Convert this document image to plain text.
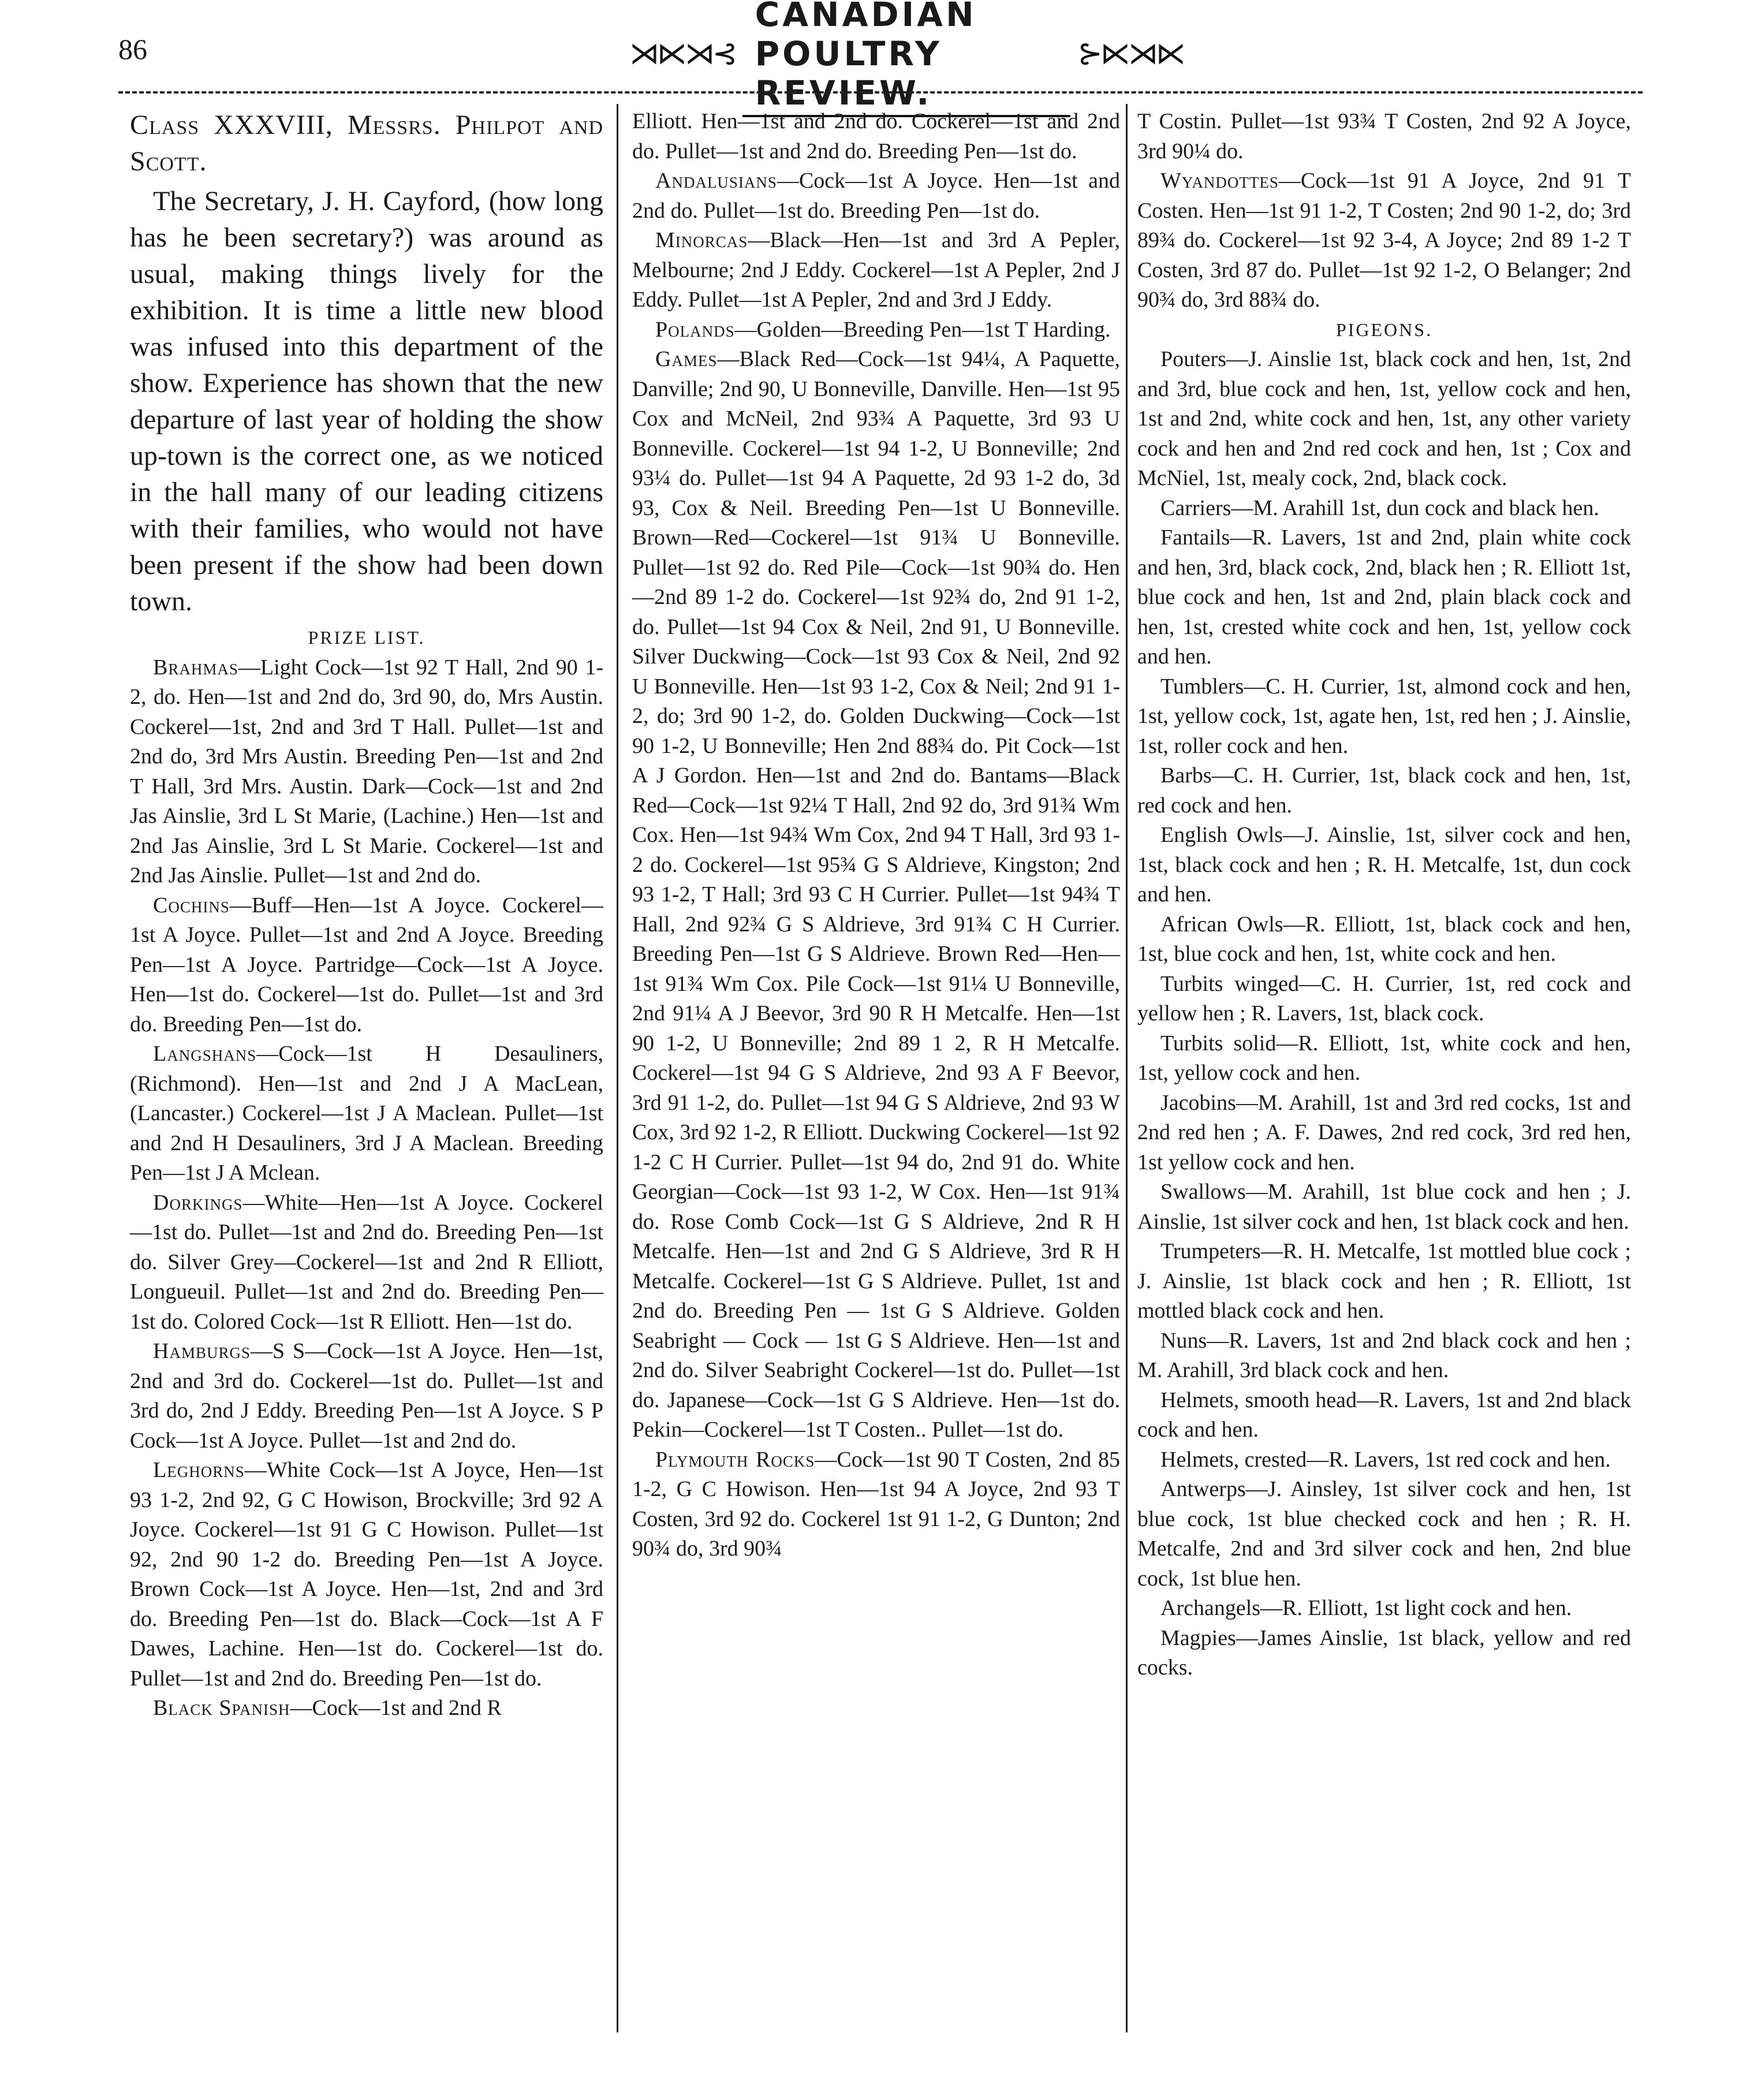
86	⋊⋉⋊⊰
CANADIAN POULTRY REVIEW.
⊱⋉⋊⋉

Class XXXVIII, Messrs. Philpot and Scott.

The Secretary, J. H. Cayford, (how long has he been secretary?) was around as usual, making things lively for the exhibition. It is time a little new blood was infused into this department of the show. Experience has shown that the new departure of last year of holding the show up-town is the correct one, as we noticed in the hall many of our leading citizens with their families, who would not have been present if the show had been down town.

PRIZE LIST.

Brahmas—Light Cock—1st 92 T Hall, 2nd 90 1-2, do. Hen—1st and 2nd do, 3rd 90, do, Mrs Austin. Cockerel—1st, 2nd and 3rd T Hall. Pullet—1st and 2nd do, 3rd Mrs Austin. Breeding Pen—1st and 2nd T Hall, 3rd Mrs. Austin. Dark—Cock—1st and 2nd Jas Ainslie, 3rd L St Marie, (Lachine.) Hen—1st and 2nd Jas Ainslie, 3rd L St Marie. Cockerel—1st and 2nd Jas Ainslie. Pullet—1st and 2nd do.

Cochins—Buff—Hen—1st A Joyce. Cockerel—1st A Joyce. Pullet—1st and 2nd A Joyce. Breeding Pen—1st A Joyce. Partridge—Cock—1st A Joyce. Hen—1st do. Cockerel—1st do. Pullet—1st and 3rd do. Breeding Pen—1st do.

Langshans—Cock—1st H Desauliners, (Richmond). Hen—1st and 2nd J A MacLean, (Lancaster.) Cockerel—1st J A Maclean. Pullet—1st and 2nd H Desauliners, 3rd J A Maclean. Breeding Pen—1st J A Mclean.

Dorkings—White—Hen—1st A Joyce. Cockerel—1st do. Pullet—1st and 2nd do. Breeding Pen—1st do. Silver Grey—Cockerel—1st and 2nd R Elliott, Longueuil. Pullet—1st and 2nd do. Breeding Pen—1st do. Colored Cock—1st R Elliott. Hen—1st do.

Hamburgs—S S—Cock—1st A Joyce. Hen—1st, 2nd and 3rd do. Cockerel—1st do. Pullet—1st and 3rd do, 2nd J Eddy. Breeding Pen—1st A Joyce. S P Cock—1st A Joyce. Pullet—1st and 2nd do.

Leghorns—White Cock—1st A Joyce, Hen—1st 93 1-2, 2nd 92, G C Howison, Brockville; 3rd 92 A Joyce. Cockerel—1st 91 G C Howison. Pullet—1st 92, 2nd 90 1-2 do. Breeding Pen—1st A Joyce. Brown Cock—1st A Joyce. Hen—1st, 2nd and 3rd do. Breeding Pen—1st do. Black—Cock—1st A F Dawes, Lachine. Hen—1st do. Cockerel—1st do. Pullet—1st and 2nd do. Breeding Pen—1st do.

Black Spanish—Cock—1st and 2nd R

Elliott. Hen—1st and 2nd do. Cockerel—1st and 2nd do. Pullet—1st and 2nd do. Breeding Pen—1st do.

Andalusians—Cock—1st A Joyce. Hen—1st and 2nd do. Pullet—1st do. Breeding Pen—1st do.

Minorcas—Black—Hen—1st and 3rd A Pepler, Melbourne; 2nd J Eddy. Cockerel—1st A Pepler, 2nd J Eddy. Pullet—1st A Pepler, 2nd and 3rd J Eddy.

Polands—Golden—Breeding Pen—1st T Harding.

Games—Black Red—Cock—1st 94¼, A Paquette, Danville; 2nd 90, U Bonneville, Danville. Hen—1st 95 Cox and McNeil, 2nd 93¾ A Paquette, 3rd 93 U Bonneville. Cockerel—1st 94 1-2, U Bonneville; 2nd 93¼ do. Pullet—1st 94 A Paquette, 2d 93 1-2 do, 3d 93, Cox & Neil. Breeding Pen—1st U Bonneville. Brown—Red—Cockerel—1st 91¾ U Bonneville. Pullet—1st 92 do. Red Pile—Cock—1st 90¾ do. Hen—2nd 89 1-2 do. Cockerel—1st 92¾ do, 2nd 91 1-2, do. Pullet—1st 94 Cox & Neil, 2nd 91, U Bonneville. Silver Duckwing—Cock—1st 93 Cox & Neil, 2nd 92 U Bonneville. Hen—1st 93 1-2, Cox & Neil; 2nd 91 1-2, do; 3rd 90 1-2, do. Golden Duckwing—Cock—1st 90 1-2, U Bonneville; Hen 2nd 88¾ do. Pit Cock—1st A J Gordon. Hen—1st and 2nd do. Bantams—Black Red—Cock—1st 92¼ T Hall, 2nd 92 do, 3rd 91¾ Wm Cox. Hen—1st 94¾ Wm Cox, 2nd 94 T Hall, 3rd 93 1-2 do. Cockerel—1st 95¾ G S Aldrieve, Kingston; 2nd 93 1-2, T Hall; 3rd 93 C H Currier. Pullet—1st 94¾ T Hall, 2nd 92¾ G S Aldrieve, 3rd 91¾ C H Currier. Breeding Pen—1st G S Aldrieve. Brown Red—Hen—1st 91¾ Wm Cox. Pile Cock—1st 91¼ U Bonneville, 2nd 91¼ A J Beevor, 3rd 90 R H Metcalfe. Hen—1st 90 1-2, U Bonneville; 2nd 89 1 2, R H Metcalfe. Cockerel—1st 94 G S Aldrieve, 2nd 93 A F Beevor, 3rd 91 1-2, do. Pullet—1st 94 G S Aldrieve, 2nd 93 W Cox, 3rd 92 1-2, R Elliott. Duckwing Cockerel—1st 92 1-2 C H Currier. Pullet—1st 94 do, 2nd 91 do. White Georgian—Cock—1st 93 1-2, W Cox. Hen—1st 91¾ do. Rose Comb Cock—1st G S Aldrieve, 2nd R H Metcalfe. Hen—1st and 2nd G S Aldrieve, 3rd R H Metcalfe. Cockerel—1st G S Aldrieve. Pullet, 1st and 2nd do. Breeding Pen — 1st G S Aldrieve. Golden Seabright — Cock — 1st G S Aldrieve. Hen—1st and 2nd do. Silver Seabright Cockerel—1st do. Pullet—1st do. Japanese—Cock—1st G S Aldrieve. Hen—1st do. Pekin—Cockerel—1st T Costen.. Pullet—1st do.

Plymouth Rocks—Cock—1st 90 T Costen, 2nd 85 1-2, G C Howison. Hen—1st 94 A Joyce, 2nd 93 T Costen, 3rd 92 do. Cockerel 1st 91 1-2, G Dunton; 2nd 90¾ do, 3rd 90¾

T Costin. Pullet—1st 93¾ T Costen, 2nd 92 A Joyce, 3rd 90¼ do.

Wyandottes—Cock—1st 91 A Joyce, 2nd 91 T Costen. Hen—1st 91 1-2, T Costen; 2nd 90 1-2, do; 3rd 89¾ do. Cockerel—1st 92 3-4, A Joyce; 2nd 89 1-2 T Costen, 3rd 87 do. Pullet—1st 92 1-2, O Belanger; 2nd 90¾ do, 3rd 88¾ do.

PIGEONS.

Pouters—J. Ainslie 1st, black cock and hen, 1st, 2nd and 3rd, blue cock and hen, 1st, yellow cock and hen, 1st and 2nd, white cock and hen, 1st, any other variety cock and hen and 2nd red cock and hen, 1st ; Cox and McNiel, 1st, mealy cock, 2nd, black cock.

Carriers—M. Arahill 1st, dun cock and black hen.

Fantails—R. Lavers, 1st and 2nd, plain white cock and hen, 3rd, black cock, 2nd, black hen ; R. Elliott 1st, blue cock and hen, 1st and 2nd, plain black cock and hen, 1st, crested white cock and hen, 1st, yellow cock and hen.

Tumblers—C. H. Currier, 1st, almond cock and hen, 1st, yellow cock, 1st, agate hen, 1st, red hen ; J. Ainslie, 1st, roller cock and hen.

Barbs—C. H. Currier, 1st, black cock and hen, 1st, red cock and hen.

English Owls—J. Ainslie, 1st, silver cock and hen, 1st, black cock and hen ; R. H. Metcalfe, 1st, dun cock and hen.

African Owls—R. Elliott, 1st, black cock and hen, 1st, blue cock and hen, 1st, white cock and hen.

Turbits winged—C. H. Currier, 1st, red cock and yellow hen ; R. Lavers, 1st, black cock.

Turbits solid—R. Elliott, 1st, white cock and hen, 1st, yellow cock and hen.

Jacobins—M. Arahill, 1st and 3rd red cocks, 1st and 2nd red hen ; A. F. Dawes, 2nd red cock, 3rd red hen, 1st yellow cock and hen.

Swallows—M. Arahill, 1st blue cock and hen ; J. Ainslie, 1st silver cock and hen, 1st black cock and hen.

Trumpeters—R. H. Metcalfe, 1st mottled blue cock ; J. Ainslie, 1st black cock and hen ; R. Elliott, 1st mottled black cock and hen.

Nuns—R. Lavers, 1st and 2nd black cock and hen ; M. Arahill, 3rd black cock and hen.

Helmets, smooth head—R. Lavers, 1st and 2nd black cock and hen.

Helmets, crested—R. Lavers, 1st red cock and hen.

Antwerps—J. Ainsley, 1st silver cock and hen, 1st blue cock, 1st blue checked cock and hen ; R. H. Metcalfe, 2nd and 3rd silver cock and hen, 2nd blue cock, 1st blue hen.

Archangels—R. Elliott, 1st light cock and hen.

Magpies—James Ainslie, 1st black, yellow and red cocks.
